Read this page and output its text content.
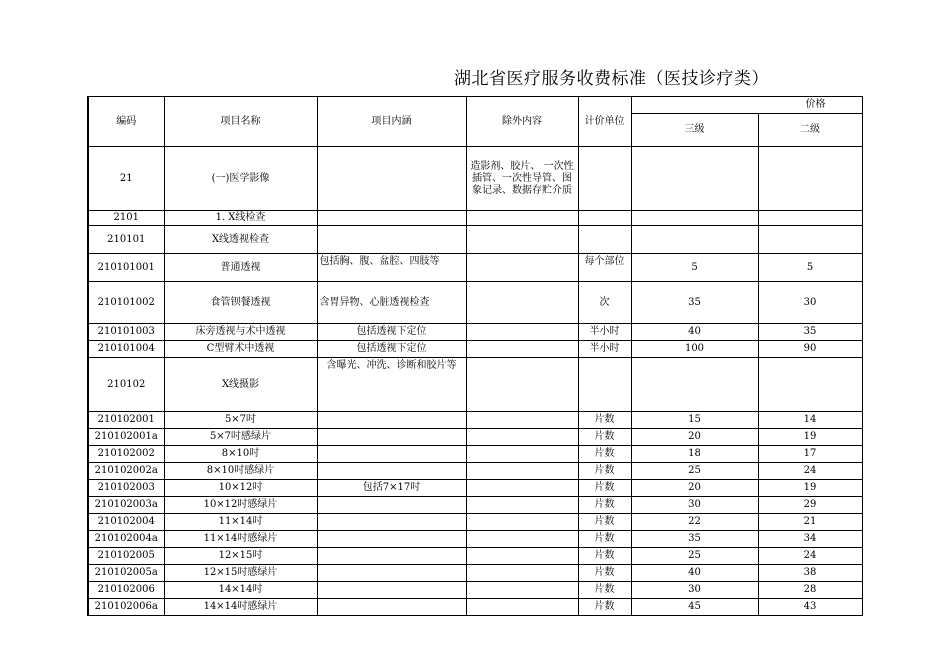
湖北省医疗服务收费标准（医技诊疗类）
编码	项目名称	项目内涵	除外内容	计价单位	价格	
					三级	二级
21	(一)医学影像		造影剂、胶片、 一次性插管、一次性导管、图象记录、数据存贮介质			
2101	1. X线检查					
210101	X线透视检查					
210101001	普通透视	包括胸、腹、盆腔、四肢等		每个部位	5	5
210101002	食管钡餐透视	含胃异物、心脏透视检查		次	35	30
210101003	床旁透视与术中透视	包括透视下定位		半小时	40	35
210101004	C型臂术中透视	包括透视下定位		半小时	100	90
210102	X线摄影	含曝光、冲洗、诊断和胶片等				
210102001	5×7吋			片数	15	14
210102001a	5×7吋感绿片			片数	20	19
210102002	8×10吋			片数	18	17
210102002a	8×10吋感绿片			片数	25	24
210102003	10×12吋	包括7×17吋		片数	20	19
210102003a	10×12吋感绿片			片数	30	29
210102004	11×14吋			片数	22	21
210102004a	11×14吋感绿片			片数	35	34
210102005	12×15吋			片数	25	24
210102005a	12×15吋感绿片			片数	40	38
210102006	14×14吋			片数	30	28
210102006a	14×14吋感绿片			片数	45	43
